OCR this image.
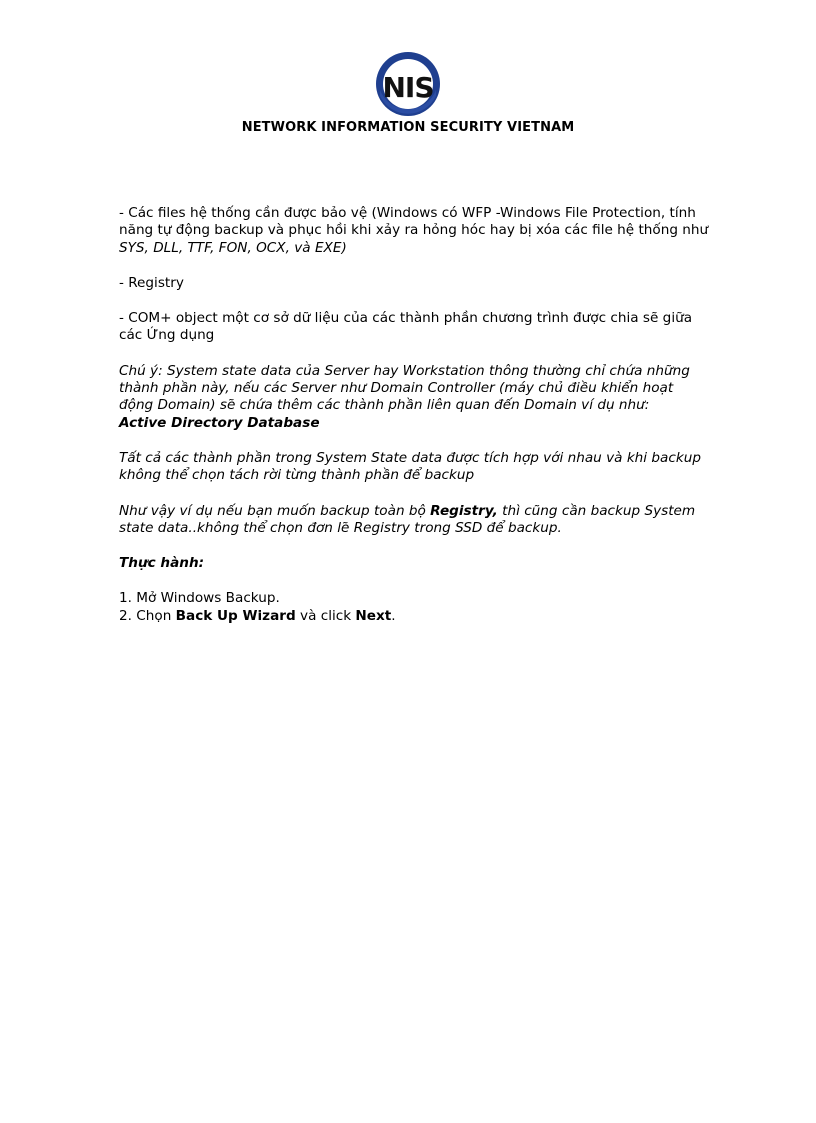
NIS
NETWORK INFORMATION SECURITY VIETNAM

- Các files hệ thống cần được bảo vệ (Windows có WFP -Windows File Protection, tính năng tự động backup và phục hồi khi xảy ra hỏng hóc hay bị xóa các file hệ thống như SYS, DLL, TTF, FON, OCX, và EXE)

- Registry

- COM+ object một cơ sở dữ liệu của các thành phần chương trình được chia sẽ giữa các Ứng dụng

Chú ý: System state data của Server hay Workstation thông thường chỉ chứa những thành phần này, nếu các Server như Domain Controller (máy chủ điều khiển hoạt động Domain) sẽ chứa thêm các thành phần liên quan đến Domain ví dụ như:
Active Directory Database

Tất cả các thành phần trong System State data được tích hợp với nhau và khi backup không thể chọn tách rời từng thành phần để backup

Như vậy ví dụ nếu bạn muốn backup toàn bộ Registry, thì cũng cần backup System state data..không thể chọn đơn lẽ Registry trong SSD để backup.

Thực hành:

1. Mở Windows Backup.

2. Chọn Back Up Wizard và click Next.
